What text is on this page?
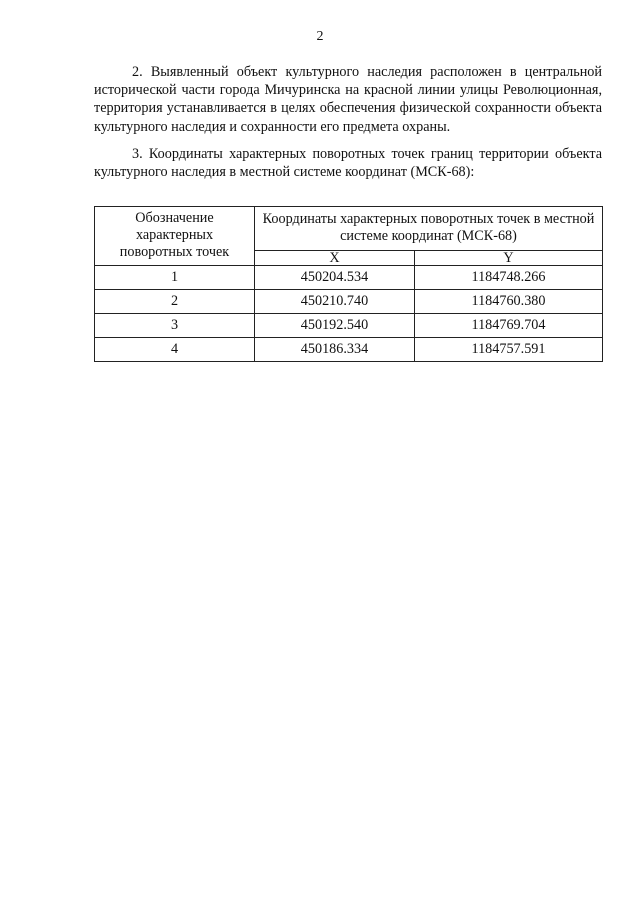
2

2. Выявленный объект культурного наследия расположен в центральной исторической части города Мичуринска на красной линии улицы Революционная, территория устанавливается в целях обеспечения физической сохранности объекта культурного наследия и сохранности его предмета охраны.

3. Координаты характерных поворотных точек границ территории объекта культурного наследия в местной системе координат (МСК-68):

Обозначение характерных поворотных точек	Координаты характерных поворотных точек в местной системе координат (МСК-68)	
	X	Y
1	450204.534	1184748.266
2	450210.740	1184760.380
3	450192.540	1184769.704
4	450186.334	1184757.591
